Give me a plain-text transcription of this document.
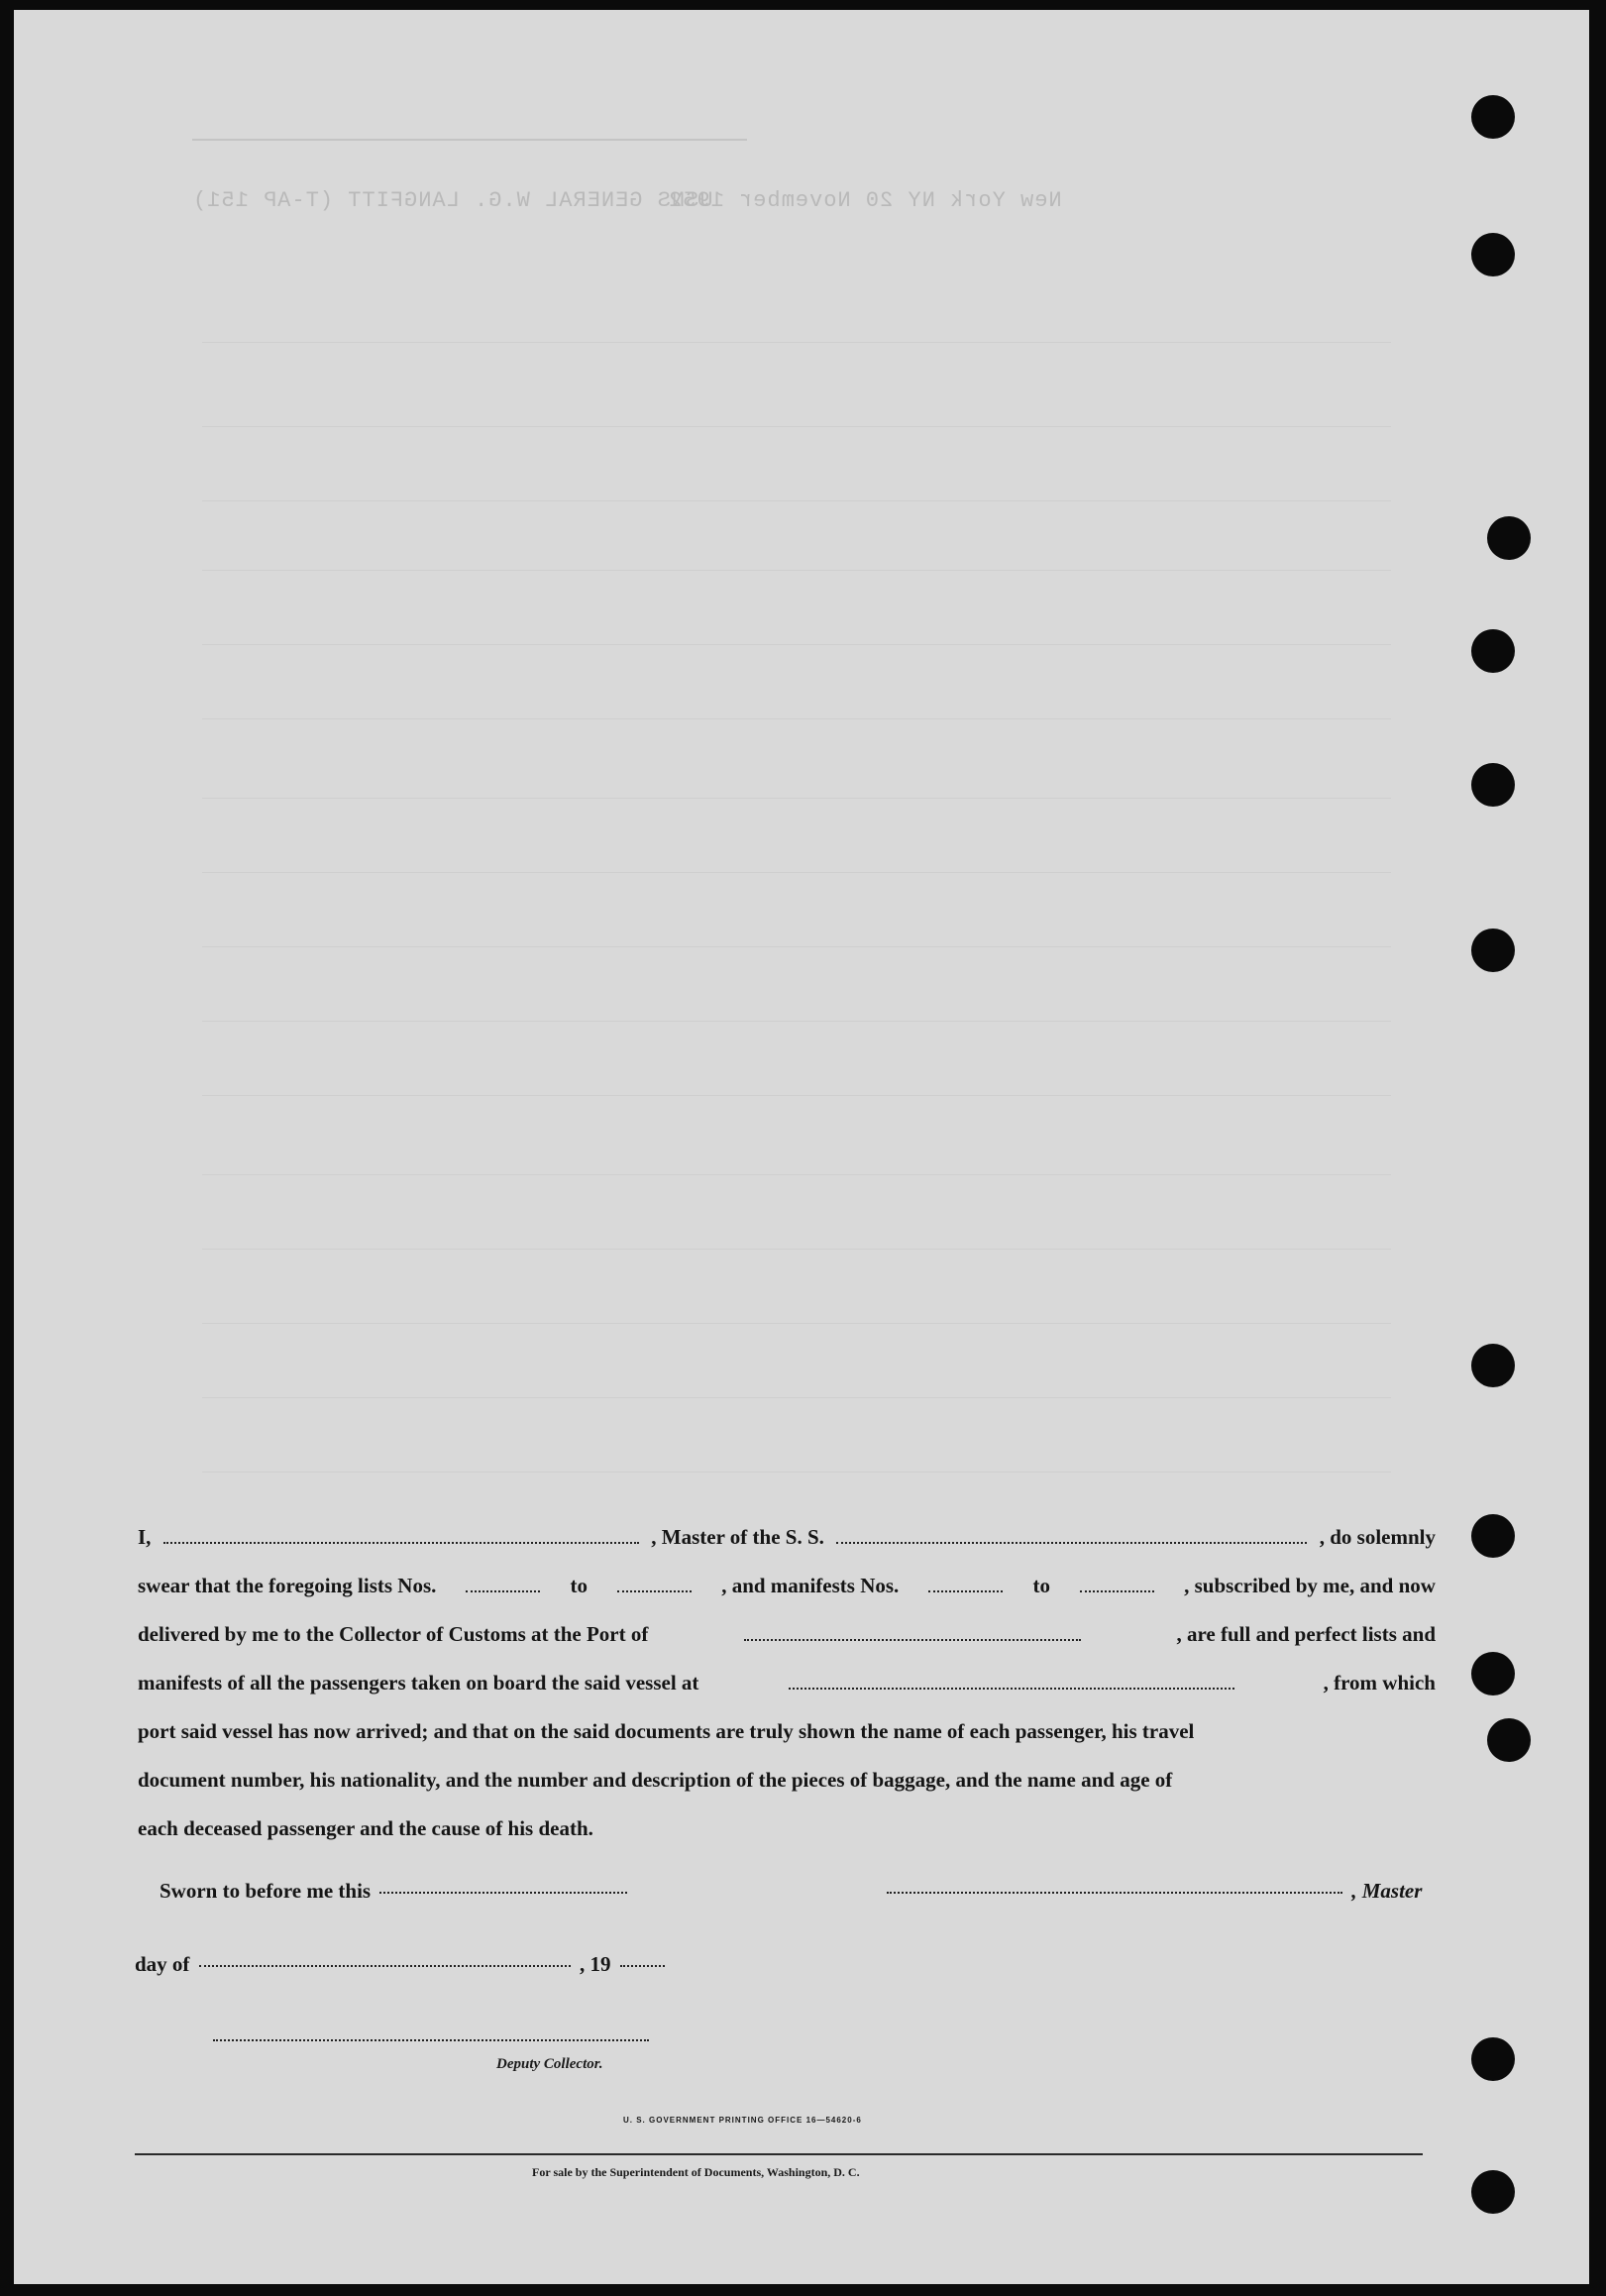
USNS GENERAL W.G. LANGFITT (T-AP 151)
New York NY 20 November 1952
I,	, Master of the S. S.	, do solemnly
swear that the foregoing lists Nos.	to	, and manifests Nos.	to	, subscribed by me, and now
delivered by me to the Collector of Customs at the Port of	, are full and perfect lists and
manifests of all the passengers taken on board the said vessel at	, from which
port said vessel has now arrived; and that on the said documents are truly shown the name of each passenger, his travel
document number, his nationality, and the number and description of the pieces of baggage, and the name and age of
each deceased passenger and the cause of his death.
Sworn to before me this	, Master
day of	, 19
Deputy Collector.
U. S. GOVERNMENT PRINTING OFFICE 16—54620-6
For sale by the Superintendent of Documents, Washington, D. C.
